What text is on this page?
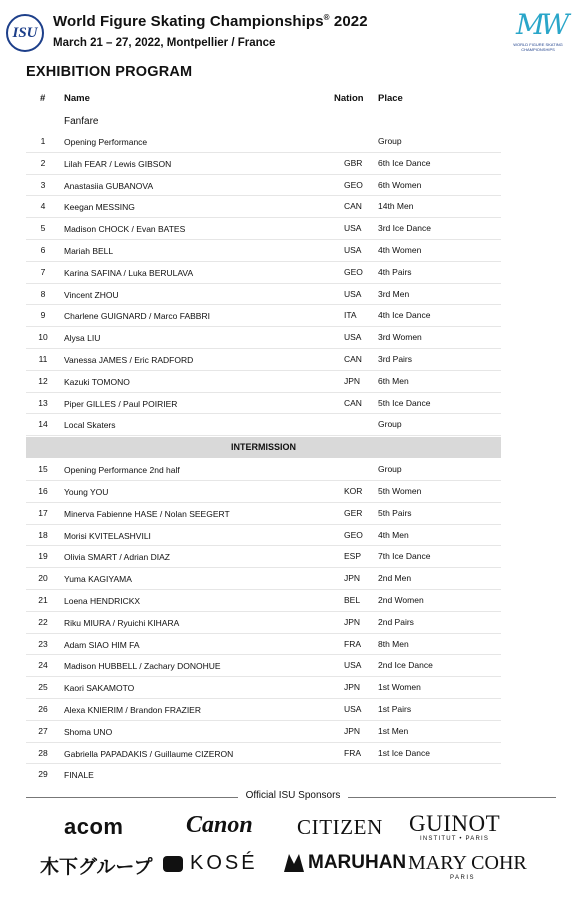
ISU
World Figure Skating Championships® 2022
March 21 – 27, 2022, Montpellier / France
MW
WORLD FIGURE SKATING CHAMPIONSHIPS
EXHIBITION PROGRAM
# Name	Nation Place
Fanfare
1	Opening Performance	Group
2	Lilah FEAR / Lewis GIBSON	GBR 6th Ice Dance
3	Anastasiia GUBANOVA	GEO 6th Women
4	Keegan MESSING	CAN 14th Men
5	Madison CHOCK / Evan BATES	USA 3rd Ice Dance
6	Mariah BELL	USA 4th Women
7	Karina SAFINA / Luka BERULAVA	GEO 4th Pairs
8	Vincent ZHOU	USA 3rd Men
9	Charlene GUIGNARD / Marco FABBRI	ITA	4th Ice Dance
10	Alysa LIU	USA 3rd Women
11	Vanessa JAMES / Eric RADFORD	CAN 3rd Pairs
12	Kazuki TOMONO	JPN 6th Men
13	Piper GILLES / Paul POIRIER	CAN 5th Ice Dance
14	Local Skaters	Group
INTERMISSION
15	Opening Performance 2nd half	Group
16	Young YOU	KOR 5th Women
17	Minerva Fabienne HASE / Nolan SEEGERT	GER 5th Pairs
18	Morisi KVITELASHVILI	GEO 4th Men
19	Olivia SMART / Adrian DIAZ	ESP 7th Ice Dance
20	Yuma KAGIYAMA	JPN 2nd Men
21	Loena HENDRICKX	BEL 2nd Women
22	Riku MIURA / Ryuichi KIHARA	JPN 2nd Pairs
23	Adam SIAO HIM FA	FRA 8th Men
24	Madison HUBBELL / Zachary DONOHUE	USA 2nd Ice Dance
25	Kaori SAKAMOTO	JPN 1st Women
26	Alexa KNIERIM / Brandon FRAZIER	USA 1st Pairs
27	Shoma UNO	JPN 1st Men
28	Gabriella PAPADAKIS / Guillaume CIZERON	FRA 1st Ice Dance
29	FINALE
Official ISU Sponsors
acom	Canon CITIZEN GUINOT
INSTITUT • PARIS
木下グループ KOSÉ	MARUHAN MARY COHR
PARIS
